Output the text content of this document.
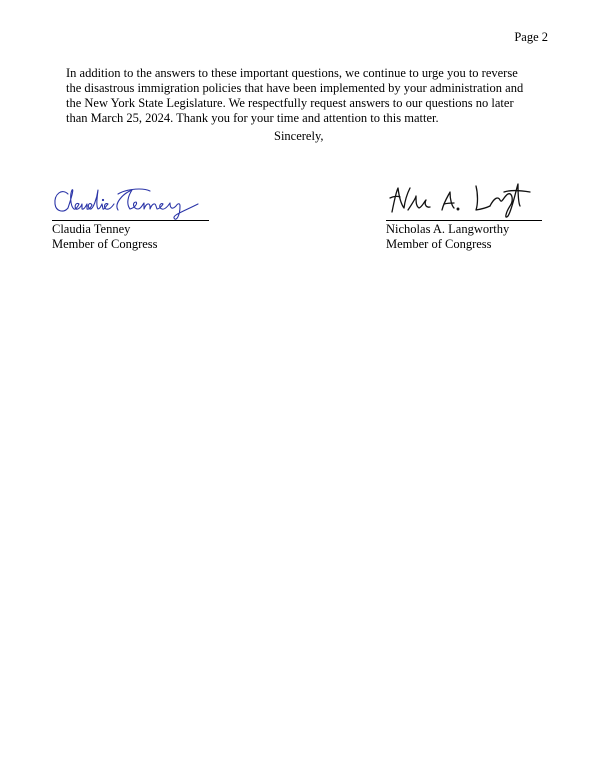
Page 2

In addition to the answers to these important questions, we continue to urge you to reverse the disastrous immigration policies that have been implemented by your administration and the New York State Legislature. We respectfully request answers to our questions no later than March 25, 2024. Thank you for your time and attention to this matter.

Sincerely,
Claudia Tenney
Member of Congress
Nicholas A. Langworthy
Member of Congress
